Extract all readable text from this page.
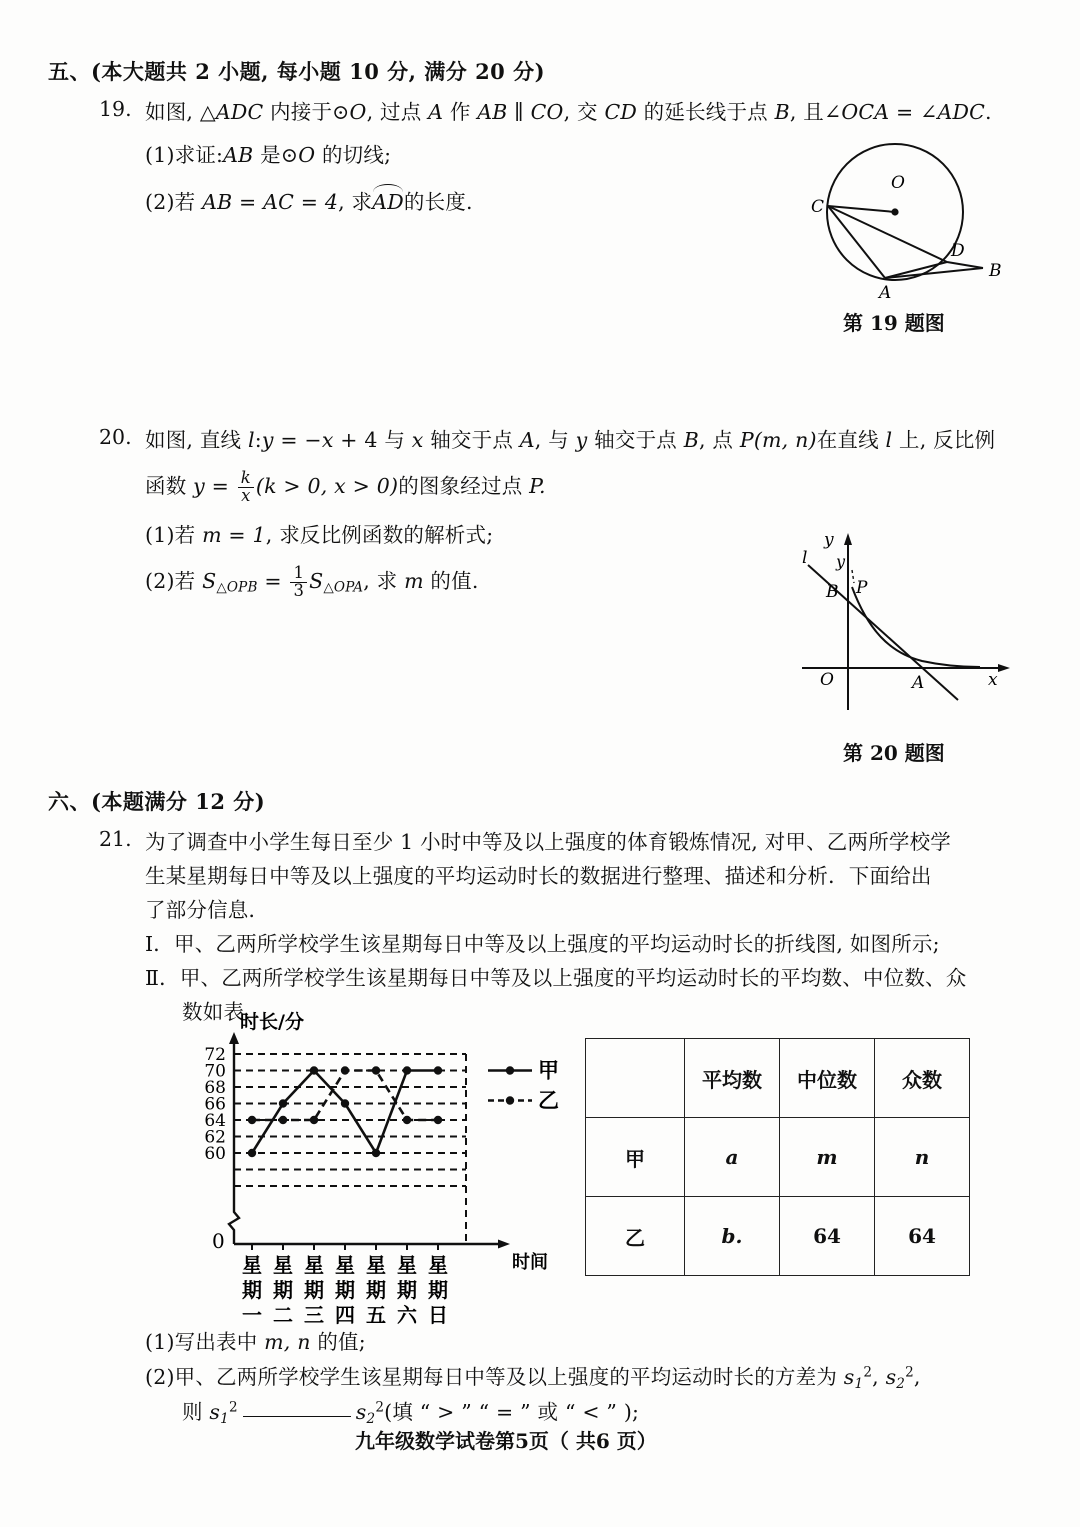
五、(本大题共 2 小题, 每小题 10 分, 满分 20 分)
19. 如图, △ADC 内接于⊙O, 过点 A 作 AB ∥ CO, 交 CD 的延长线于点 B, 且∠OCA = ∠ADC.
(1)求证:AB 是⊙O 的切线;
(2)若 AB = AC = 4, 求AD的长度.	C
O
D
A
B
第 19 题图
20. 如图, 直线 l:y = −x + 4 与 x 轴交于点 A, 与 y 轴交于点 B, 点 P(m, n)在直线 l 上, 反比例
函数 $y = \frac{k}{x} (k > 0$, x > 0)的图象经过点 P.
(1)若 m = 1, 求反比例函数的解析式;
(2)若 $S_{\triangle OPB} = \frac{1}{3} S_{\triangle OPA}$, 求 m 的值.
y
x
O	A
B P
l y
第 20 题图
六、(本题满分 12 分)
21. 为了调查中小学生每日至少 1 小时中等及以上强度的体育锻炼情况, 对甲、乙两所学校学
生某星期每日中等及以上强度的平均运动时长的数据进行整理、描述和分析．下面给出
了部分信息．
Ⅰ．甲、乙两所学校学生该星期每日中等及以上强度的平均运动时长的折线图, 如图所示;
Ⅱ．甲、乙两所学校学生该星期每日中等及以上强度的平均运动时长的平均数、中位数、众
数如表．
时长/分
时间
0
60
62
64
66
68
70
72
星
期
一
星
期
二
星
期
三
星
期
四
星
期
五
星
期
六
星
期
日
甲
乙
	平均数	中位数	众数
甲	a	m	n
乙	b.	64	64
(1)写出表中 m, n 的值;
(2)甲、乙两所学校学生该星期每日中等及以上强度的平均运动时长的方差为 $s_1^2$, $s_2^2$,
则 $s_1^2$	$s_2^2$(填 “ > ” “ = ” 或 “ < ” );
九年级数学试卷第5页（ 共6 页）
